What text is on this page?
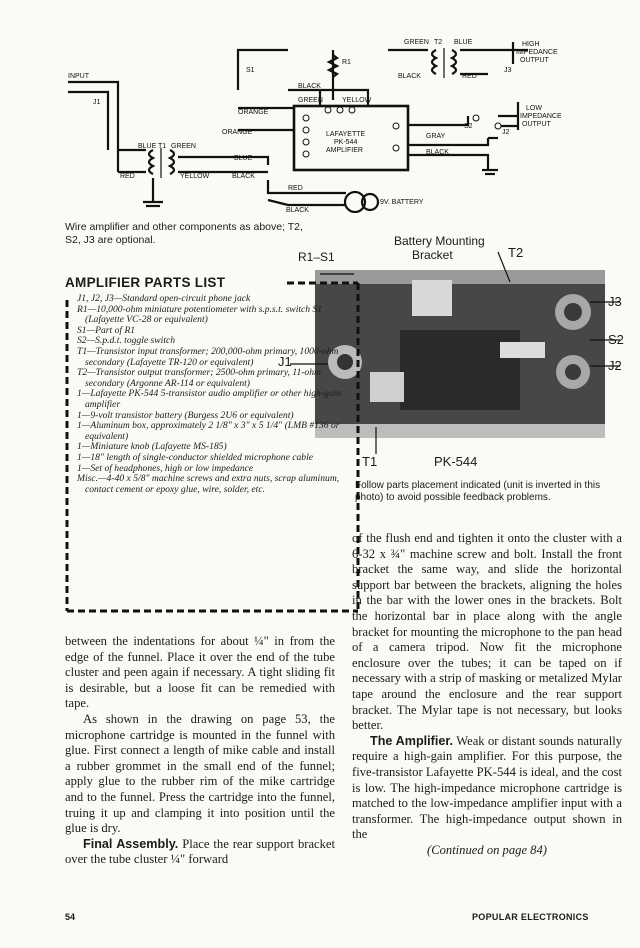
INPUT
J1
S1
R1
BLUE T1 GREEN
RED	YELLOW
BLUE
BLACK
ORANGE
ORANGE
BLACK
GREEN	YELLOW
LAFAYETTE
PK-544
AMPLIFIER
RED
BLACK
9V. BATTERY
GREEN T2 BLUE
BLACK	RED
HIGH
IMPEDANCE
OUTPUT
J3
LOW
IMPEDANCE
OUTPUT
J2
S2
GRAY
BLACK
Wire amplifier and other components as above; T2, S2, J3 are optional.	Battery Mounting
Bracket
R1–S1	T2
J3
S2
J2
J1
T1	PK-544
Follow parts placement indicated (unit is inverted in this photo) to avoid possible feedback problems.
AMPLIFIER PARTS LIST
J1, J2, J3—Standard open-circuit phone jack
R1—10,000-ohm miniature potentiometer with s.p.s.t. switch S1 (Lafayette VC-28 or equivalent)
S1—Part of R1
S2—S.p.d.t. toggle switch
T1—Transistor input transformer; 200,000-ohm primary, 1000-ohm secondary (Lafayette TR-120 or equivalent)
T2—Transistor output transformer; 2500-ohm primary, 11-ohm secondary (Argonne AR-114 or equivalent)
1—Lafayette PK-544 5-transistor audio amplifier or other high-gain amplifier
1—9-volt transistor battery (Burgess 2U6 or equivalent)
1—Aluminum box, approximately 2 1/8" x 3" x 5 1/4" (LMB #136 or equivalent)
1—Miniature knob (Lafayette MS-185)
1—18" length of single-conductor shielded microphone cable
1—Set of headphones, high or low impedance
Misc.—4-40 x 5/8" machine screws and extra nuts, scrap aluminum, contact cement or epoxy glue, wire, solder, etc.

between the indentations for about ¼" in from the edge of the funnel. Place it over the end of the tube cluster and peen again if necessary. A tight sliding fit is desirable, but a loose fit can be remedied with tape.

As shown in the drawing on page 53, the microphone cartridge is mounted in the funnel with glue. First connect a length of mike cable and install a rubber grommet in the small end of the funnel; apply glue to the rubber rim of the mike cartridge and to the funnel. Press the cartridge into the funnel, truing it up and clamping it into position until the glue is dry.

Final Assembly. Place the rear support bracket over the tube cluster ¼" forward

of the flush end and tighten it onto the cluster with a 6-32 x ¾" machine screw and bolt. Install the front bracket the same way, and slide the horizontal support bar between the brackets, aligning the holes in the bar with the lower ones in the brackets. Bolt the horizontal bar in place along with the angle bracket for mounting the microphone to the pan head of a camera tripod. Now fit the microphone enclosure over the tubes; it can be taped on if necessary with a strip of masking or metalized Mylar tape around the enclosure and the rear support bracket. The Mylar tape is not necessary, but looks better.

The Amplifier. Weak or distant sounds naturally require a high-gain amplifier. For this purpose, the five-transistor Lafayette PK-544 is ideal, and the cost is low. The high-impedance microphone cartridge is matched to the low-impedance amplifier input with a transformer. The high-impedance output shown in the

(Continued on page 84)

54	POPULAR ELECTRONICS
